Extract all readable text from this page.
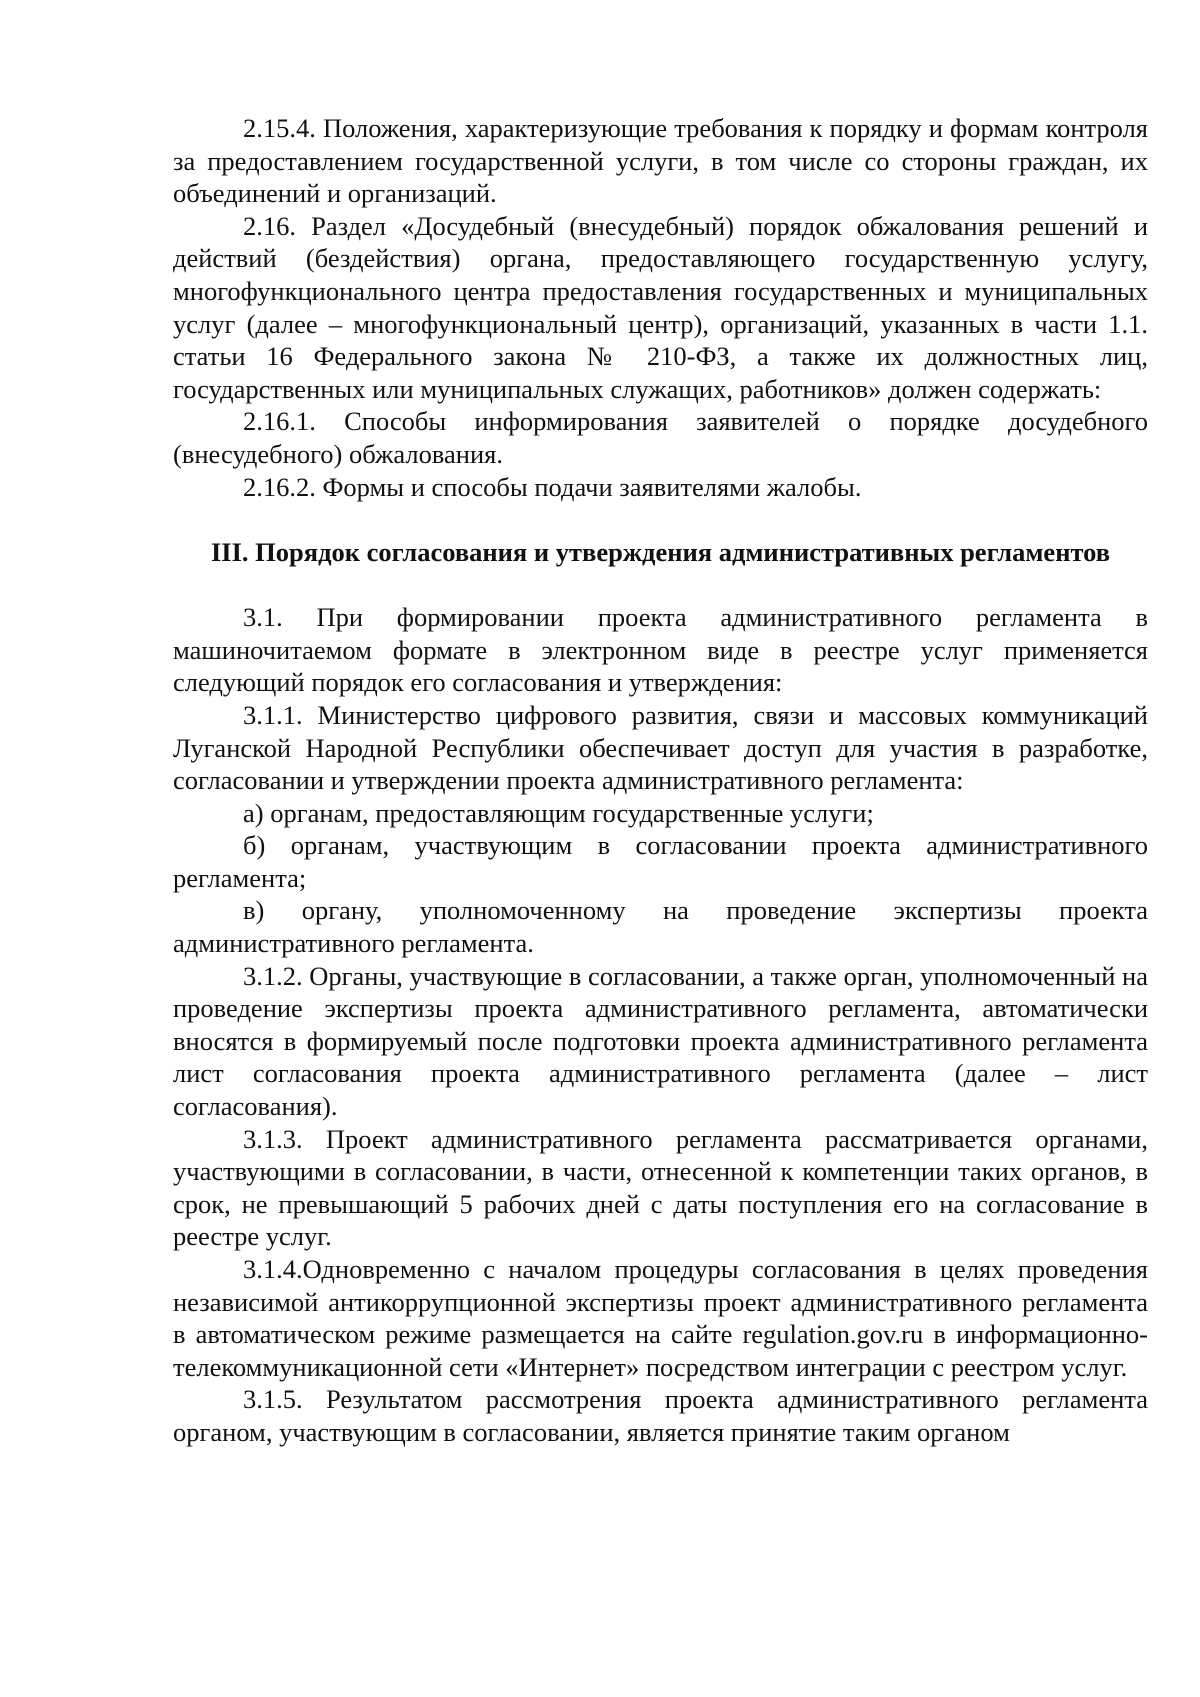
2.15.4. Положения, характеризующие требования к порядку и формам контроля за предоставлением государственной услуги, в том числе со стороны граждан, их объединений и организаций.

2.16. Раздел «Досудебный (внесудебный) порядок обжалования решений и действий (бездействия) органа, предоставляющего государственную услугу, многофункционального центра предоставления государственных и муниципальных услуг (далее – многофункциональный центр), организаций, указанных в части 1.1. статьи 16 Федерального закона № 210-ФЗ, а также их должностных лиц, государственных или муниципальных служащих, работников» должен содержать:

2.16.1. Способы информирования заявителей о порядке досудебного (внесудебного) обжалования.

2.16.2. Формы и способы подачи заявителями жалобы.

III. Порядок согласования и утверждения административных регламентов

3.1. При формировании проекта административного регламента в машиночитаемом формате в электронном виде в реестре услуг применяется следующий порядок его согласования и утверждения:

3.1.1. Министерство цифрового развития, связи и массовых коммуникаций Луганской Народной Республики обеспечивает доступ для участия в разработке, согласовании и утверждении проекта административного регламента:

а) органам, предоставляющим государственные услуги;

б) органам, участвующим в согласовании проекта административного регламента;

в) органу, уполномоченному на проведение экспертизы проекта административного регламента.

3.1.2. Органы, участвующие в согласовании, а также орган, уполномоченный на проведение экспертизы проекта административного регламента, автоматически вносятся в формируемый после подготовки проекта административного регламента лист согласования проекта административного регламента (далее – лист согласования).

3.1.3. Проект административного регламента рассматривается органами, участвующими в согласовании, в части, отнесенной к компетенции таких органов, в срок, не превышающий 5 рабочих дней с даты поступления его на согласование в реестре услуг.

3.1.4.Одновременно с началом процедуры согласования в целях проведения независимой антикоррупционной экспертизы проект административного регламента в автоматическом режиме размещается на сайте regulation.gov.ru в информационно-телекоммуникационной сети «Интернет» посредством интеграции с реестром услуг.

3.1.5. Результатом рассмотрения проекта административного регламента органом, участвующим в согласовании, является принятие таким органом
